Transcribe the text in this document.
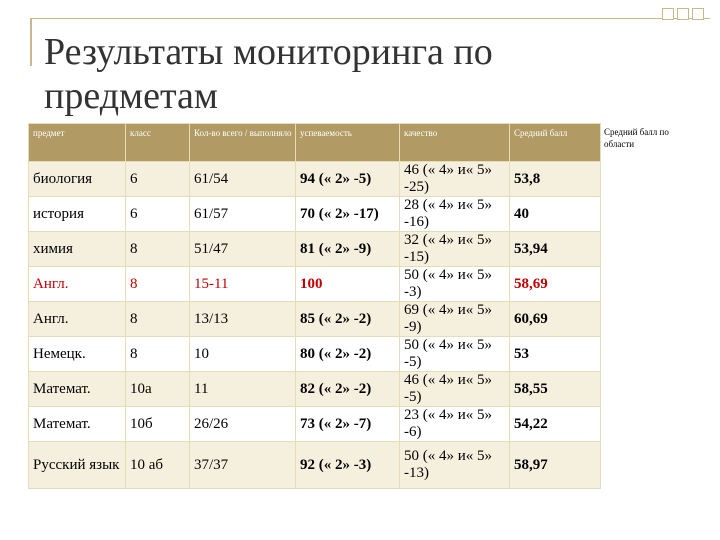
Результаты мониторинга по предметам
предмет	класс	Кол-во всего / выполняло	успеваемость	качество	Средний балл
биология	6	61/54	94 (« 2» -5)	46 (« 4» и« 5» -25)	53,8
история	6	61/57	70 (« 2» -17)	28 (« 4» и« 5» -16)	40
химия	8	51/47	81 (« 2» -9)	32 (« 4» и« 5» -15)	53,94
Англ.	8	15-11	100	50 (« 4» и« 5» -3)	58,69
Англ.	8	13/13	85 (« 2» -2)	69 (« 4» и« 5» -9)	60,69
Немецк.	8	10	80 (« 2» -2)	50 (« 4» и« 5» -5)	53
Математ.	10а	11	82 (« 2» -2)	46 (« 4» и« 5» -5)	58,55
Математ.	10б	26/26	73 (« 2» -7)	23 (« 4» и« 5» -6)	54,22
Русский язык	10 аб	37/37	92 (« 2» -3)	50 (« 4» и« 5» -13)	58,97
Средний балл по области
